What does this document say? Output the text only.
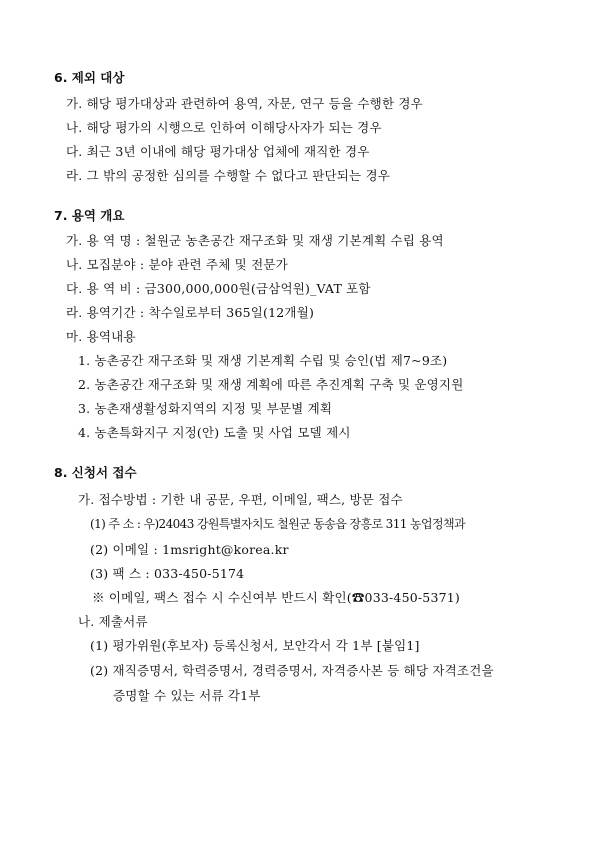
6. 제외 대상
가. 해당 평가대상과 관련하여 용역, 자문, 연구 등을 수행한 경우
나. 해당 평가의 시행으로 인하여 이해당사자가 되는 경우
다. 최근 3년 이내에 해당 평가대상 업체에 재직한 경우
라. 그 밖의 공정한 심의를 수행할 수 없다고 판단되는 경우
7. 용역 개요
가. 용 역 명 : 철원군 농촌공간 재구조화 및 재생 기본계획 수립 용역
나. 모집분야 : 분야 관련 주체 및 전문가
다. 용 역 비 : 금300,000,000원(금삼억원)_VAT 포함
라. 용역기간 : 착수일로부터 365일(12개월)
마. 용역내용
1. 농촌공간 재구조화 및 재생 기본계획 수립 및 승인(법 제7~9조)
2. 농촌공간 재구조화 및 재생 계획에 따른 추진계획 구축 및 운영지원
3. 농촌재생활성화지역의 지정 및 부문별 계획
4. 농촌특화지구 지정(안) 도출 및 사업 모델 제시
8. 신청서 접수
가. 접수방법 : 기한 내 공문, 우편, 이메일, 팩스, 방문 접수
(1) 주 소 : 우)24043 강원특별자치도 철원군 동송읍 장흥로 311 농업정책과
(2) 이메일 : 1msright@korea.kr
(3) 팩 스 : 033-450-5174
※ 이메일, 팩스 접수 시 수신여부 반드시 확인(☎033-450-5371)
나. 제출서류
(1) 평가위원(후보자) 등록신청서, 보안각서 각 1부 [붙임1]
(2) 재직증명서, 학력증명서, 경력증명서, 자격증사본 등 해당 자격조건을
증명할 수 있는 서류 각1부
